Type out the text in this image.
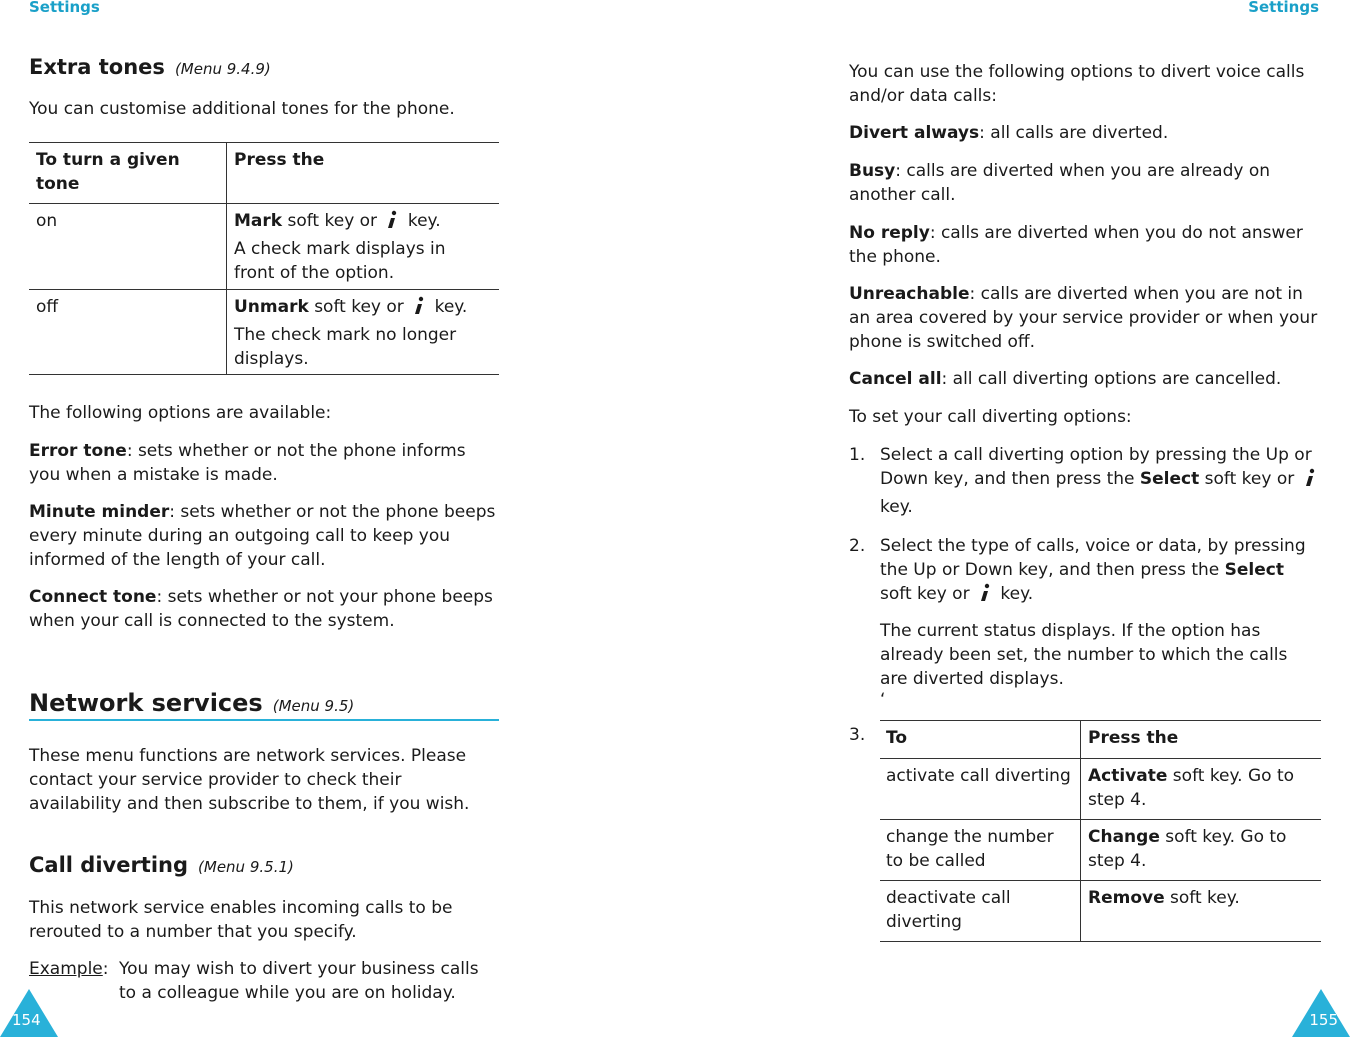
Settings
Extra tones (Menu 9.4.9)

You can customise additional tones for the phone.

To turn a given tone	Press the
on	Mark soft key or  key.
A check mark displays in front of the option.
off	Unmark soft key or  key.
The check mark no longer displays.

The following options are available:

Error tone: sets whether or not the phone informs you when a mistake is made.

Minute minder: sets whether or not the phone beeps every minute during an outgoing call to keep you informed of the length of your call.

Connect tone: sets whether or not your phone beeps when your call is connected to the system.

Network services (Menu 9.5)

These menu functions are network services. Please contact your service provider to check their availability and then subscribe to them, if you wish.

Call diverting (Menu 9.5.1)

This network service enables incoming calls to be rerouted to a number that you specify.

Example: You may wish to divert your business calls to a colleague while you are on holiday.
154
Settings

You can use the following options to divert voice calls and/or data calls:

Divert always: all calls are diverted.

Busy: calls are diverted when you are already on another call.

No reply: calls are diverted when you do not answer the phone.

Unreachable: calls are diverted when you are not in an area covered by your service provider or when your phone is switched off.

Cancel all: all call diverting options are cancelled.

To set your call diverting options:

1. Select a call diverting option by pressing the Up or Down key, and then press the Select soft key or  key.

2. Select the type of calls, voice or data, by pressing the Up or Down key, and then press the Select soft key or  key.

The current status displays. If the option has already been set, the number to which the calls are diverted displays.

‘
3. To	Press the
activate call diverting	Activate soft key. Go to step 4.
change the number to be called	Change soft key. Go to step 4.
deactivate call diverting	Remove soft key.
155
